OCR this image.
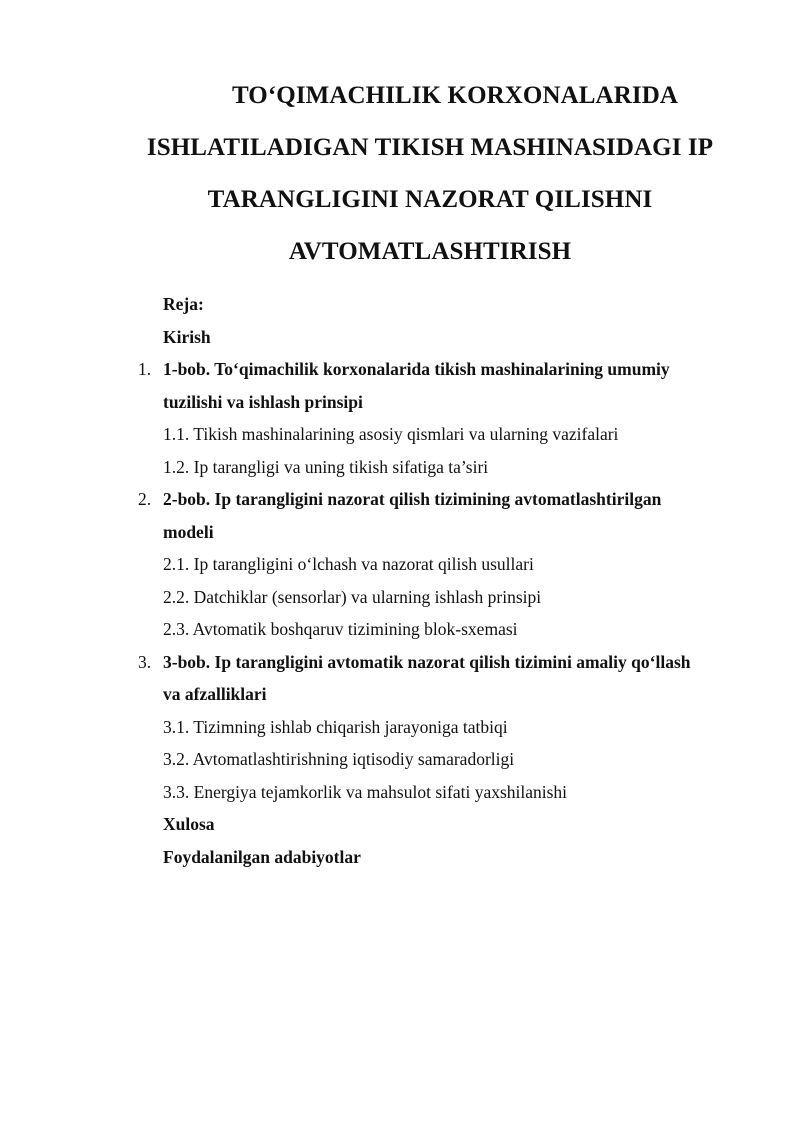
TO‘QIMACHILIK KORXONALARIDA
ISHLATILADIGAN TIKISH MASHINASIDAGI IP
TARANGLIGINI NAZORAT QILISHNI
AVTOMATLASHTIRISH
Reja:
Kirish
1. 1-bob. To‘qimachilik korxonalarida tikish mashinalarining umumiy
tuzilishi va ishlash prinsipi
1.1. Tikish mashinalarining asosiy qismlari va ularning vazifalari
1.2. Ip tarangligi va uning tikish sifatiga ta’siri
2. 2-bob. Ip tarangligini nazorat qilish tizimining avtomatlashtirilgan
modeli
2.1. Ip tarangligini o‘lchash va nazorat qilish usullari
2.2. Datchiklar (sensorlar) va ularning ishlash prinsipi
2.3. Avtomatik boshqaruv tizimining blok-sxemasi
3. 3-bob. Ip tarangligini avtomatik nazorat qilish tizimini amaliy qo‘llash
va afzalliklari
3.1. Tizimning ishlab chiqarish jarayoniga tatbiqi
3.2. Avtomatlashtirishning iqtisodiy samaradorligi
3.3. Energiya tejamkorlik va mahsulot sifati yaxshilanishi
Xulosa
Foydalanilgan adabiyotlar
